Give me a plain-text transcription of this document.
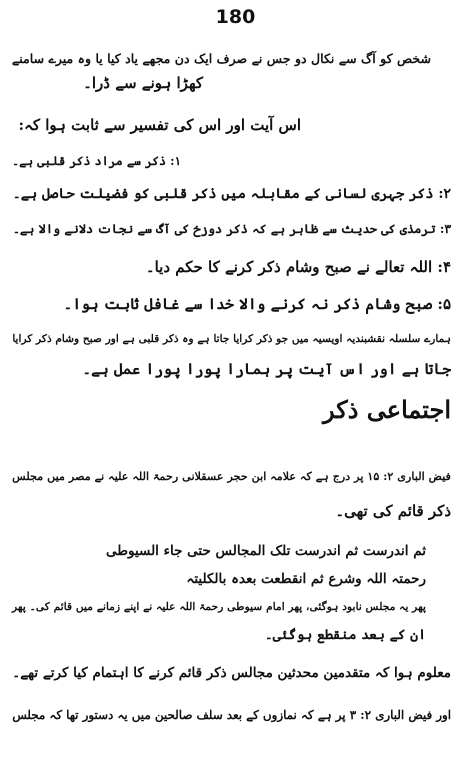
180
شخص کو آگ سے نکال دو جس نے صرف ایک دن مجھے یاد کیا یا وہ میرے سامنے
کھڑا ہونے سے ڈرا۔
اس آیت اور اس کی تفسیر سے ثابت ہوا کہ:
۱: ذکر سے مراد ذکر قلبی ہے۔
۲: ذکر جہری لسانی کے مقابلہ میں ذکر قلبی کو فضیلت حاصل ہے۔
۳: ترمذی کی حدیث سے ظاہر ہے کہ ذکر دوزخ کی آگ سے نجات دلانے والا ہے۔
۴: اللہ تعالے نے صبح وشام ذکر کرنے کا حکم دیا۔
۵: صبح وشام ذکر نہ کرنے والا خدا سے غافل ثابت ہوا۔
ہمارے سلسلہ نقشبندیہ اویسیہ میں جو ذکر کرایا جاتا ہے وہ ذکر قلبی ہے اور صبح وشام ذکر کرایا
جاتا ہے اور اس آیت پر ہمارا پورا پورا عمل ہے۔
اجتماعی ذکر
فیض الباری ۲: ۱۵ پر درج ہے کہ علامہ ابن حجر عسقلانی رحمۃ اللہ علیہ نے مصر میں مجلس
ذکر قائم کی تھی۔
ثم اندرست ثم اندرست تلک المجالس حتی جاء السیوطی
رحمتہ اللہ وشرع ثم انقطعت بعدہ بالکلیتہ
پھر یہ مجلس نابود ہوگئی، پھر امام سیوطی رحمۃ اللہ علیہ نے اپنے زمانے میں قائم کی۔ پھر
ان کے بعد منقطع ہوگئی۔
معلوم ہوا کہ متقدمین محدثین مجالس ذکر قائم کرنے کا اہتمام کیا کرتے تھے۔
اور فیض الباری ۲: ۳ پر ہے کہ نمازوں کے بعد سلف صالحین میں یہ دستور تھا کہ مجلس
